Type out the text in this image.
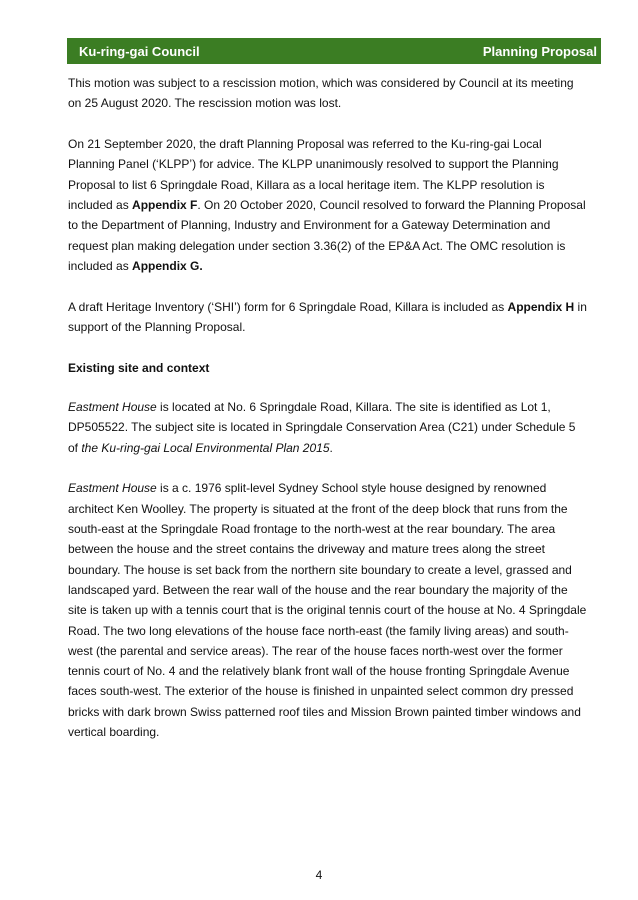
Ku-ring-gai Council	Planning Proposal

This motion was subject to a rescission motion, which was considered by Council at its meeting on 25 August 2020. The rescission motion was lost.

On 21 September 2020, the draft Planning Proposal was referred to the Ku-ring-gai Local Planning Panel (‘KLPP’) for advice. The KLPP unanimously resolved to support the Planning Proposal to list 6 Springdale Road, Killara as a local heritage item. The KLPP resolution is included as Appendix F. On 20 October 2020, Council resolved to forward the Planning Proposal to the Department of Planning, Industry and Environment for a Gateway Determination and request plan making delegation under section 3.36(2) of the EP&A Act. The OMC resolution is included as Appendix G.

A draft Heritage Inventory (‘SHI’) form for 6 Springdale Road, Killara is included as Appendix H in support of the Planning Proposal.

Existing site and context

Eastment House is located at No. 6 Springdale Road, Killara. The site is identified as Lot 1, DP505522. The subject site is located in Springdale Conservation Area (C21) under Schedule 5 of the Ku-ring-gai Local Environmental Plan 2015.

Eastment House is a c. 1976 split-level Sydney School style house designed by renowned architect Ken Woolley. The property is situated at the front of the deep block that runs from the south-east at the Springdale Road frontage to the north-west at the rear boundary. The area between the house and the street contains the driveway and mature trees along the street boundary. The house is set back from the northern site boundary to create a level, grassed and landscaped yard. Between the rear wall of the house and the rear boundary the majority of the site is taken up with a tennis court that is the original tennis court of the house at No. 4 Springdale Road. The two long elevations of the house face north-east (the family living areas) and south-west (the parental and service areas). The rear of the house faces north-west over the former tennis court of No. 4 and the relatively blank front wall of the house fronting Springdale Avenue faces south-west. The exterior of the house is finished in unpainted select common dry pressed bricks with dark brown Swiss patterned roof tiles and Mission Brown painted timber windows and vertical boarding.

4
